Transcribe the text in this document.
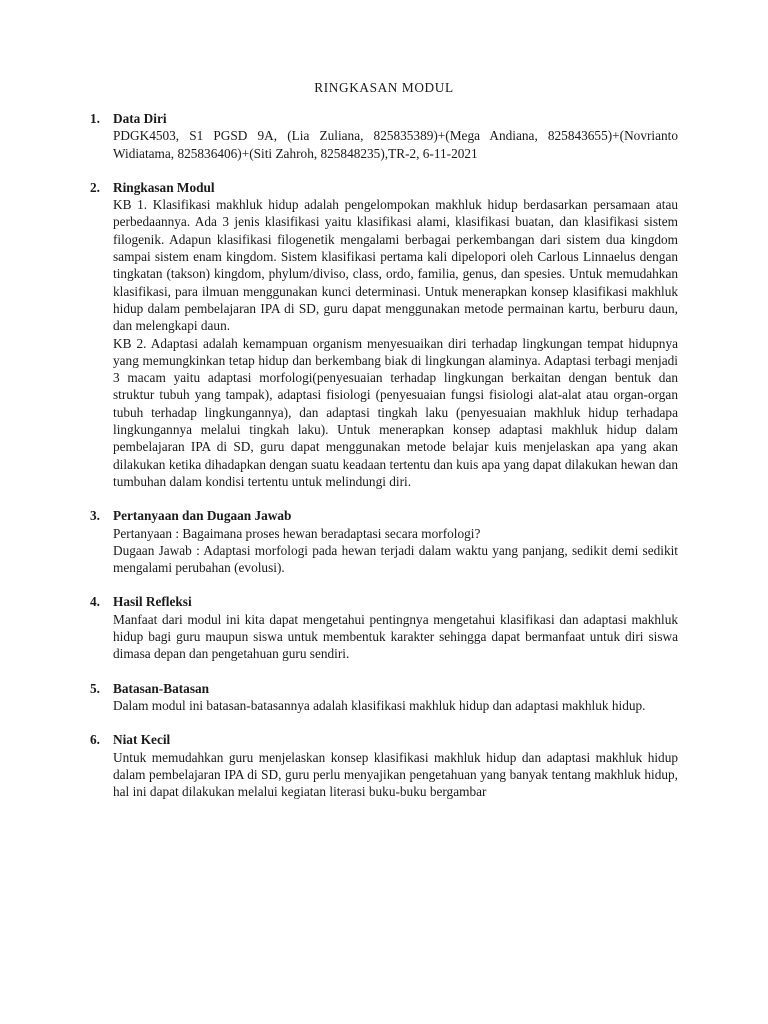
RINGKASAN MODUL
1. Data Diri

PDGK4503, S1 PGSD 9A, (Lia Zuliana, 825835389)+(Mega Andiana, 825843655)+(Novrianto Widiatama, 825836406)+(Siti Zahroh, 825848235),TR-2, 6-11-2021

2. Ringkasan Modul

KB 1. Klasifikasi makhluk hidup adalah pengelompokan makhluk hidup berdasarkan persamaan atau perbedaannya. Ada 3 jenis klasifikasi yaitu klasifikasi alami, klasifikasi buatan, dan klasifikasi sistem filogenik. Adapun klasifikasi filogenetik mengalami berbagai perkembangan dari sistem dua kingdom sampai sistem enam kingdom. Sistem klasifikasi pertama kali dipelopori oleh Carlous Linnaelus dengan tingkatan (takson) kingdom, phylum/diviso, class, ordo, familia, genus, dan spesies. Untuk memudahkan klasifikasi, para ilmuan menggunakan kunci determinasi. Untuk menerapkan konsep klasifikasi makhluk hidup dalam pembelajaran IPA di SD, guru dapat menggunakan metode permainan kartu, berburu daun, dan melengkapi daun.

KB 2. Adaptasi adalah kemampuan organism menyesuaikan diri terhadap lingkungan tempat hidupnya yang memungkinkan tetap hidup dan berkembang biak di lingkungan alaminya. Adaptasi terbagi menjadi 3 macam yaitu adaptasi morfologi(penyesuaian terhadap lingkungan berkaitan dengan bentuk dan struktur tubuh yang tampak), adaptasi fisiologi (penyesuaian fungsi fisiologi alat-alat atau organ-organ tubuh terhadap lingkungannya), dan adaptasi tingkah laku (penyesuaian makhluk hidup terhadapa lingkungannya melalui tingkah laku). Untuk menerapkan konsep adaptasi makhluk hidup dalam pembelajaran IPA di SD, guru dapat menggunakan metode belajar kuis menjelaskan apa yang akan dilakukan ketika dihadapkan dengan suatu keadaan tertentu dan kuis apa yang dapat dilakukan hewan dan tumbuhan dalam kondisi tertentu untuk melindungi diri.

3. Pertanyaan dan Dugaan Jawab

Pertanyaan : Bagaimana proses hewan beradaptasi secara morfologi?

Dugaan Jawab : Adaptasi morfologi pada hewan terjadi dalam waktu yang panjang, sedikit demi sedikit mengalami perubahan (evolusi).

4. Hasil Refleksi

Manfaat dari modul ini kita dapat mengetahui pentingnya mengetahui klasifikasi dan adaptasi makhluk hidup bagi guru maupun siswa untuk membentuk karakter sehingga dapat bermanfaat untuk diri siswa dimasa depan dan pengetahuan guru sendiri.

5. Batasan-Batasan

Dalam modul ini batasan-batasannya adalah klasifikasi makhluk hidup dan adaptasi makhluk hidup.

6. Niat Kecil

Untuk memudahkan guru menjelaskan konsep klasifikasi makhluk hidup dan adaptasi makhluk hidup dalam pembelajaran IPA di SD, guru perlu menyajikan pengetahuan yang banyak tentang makhluk hidup, hal ini dapat dilakukan melalui kegiatan literasi buku-buku bergambar
